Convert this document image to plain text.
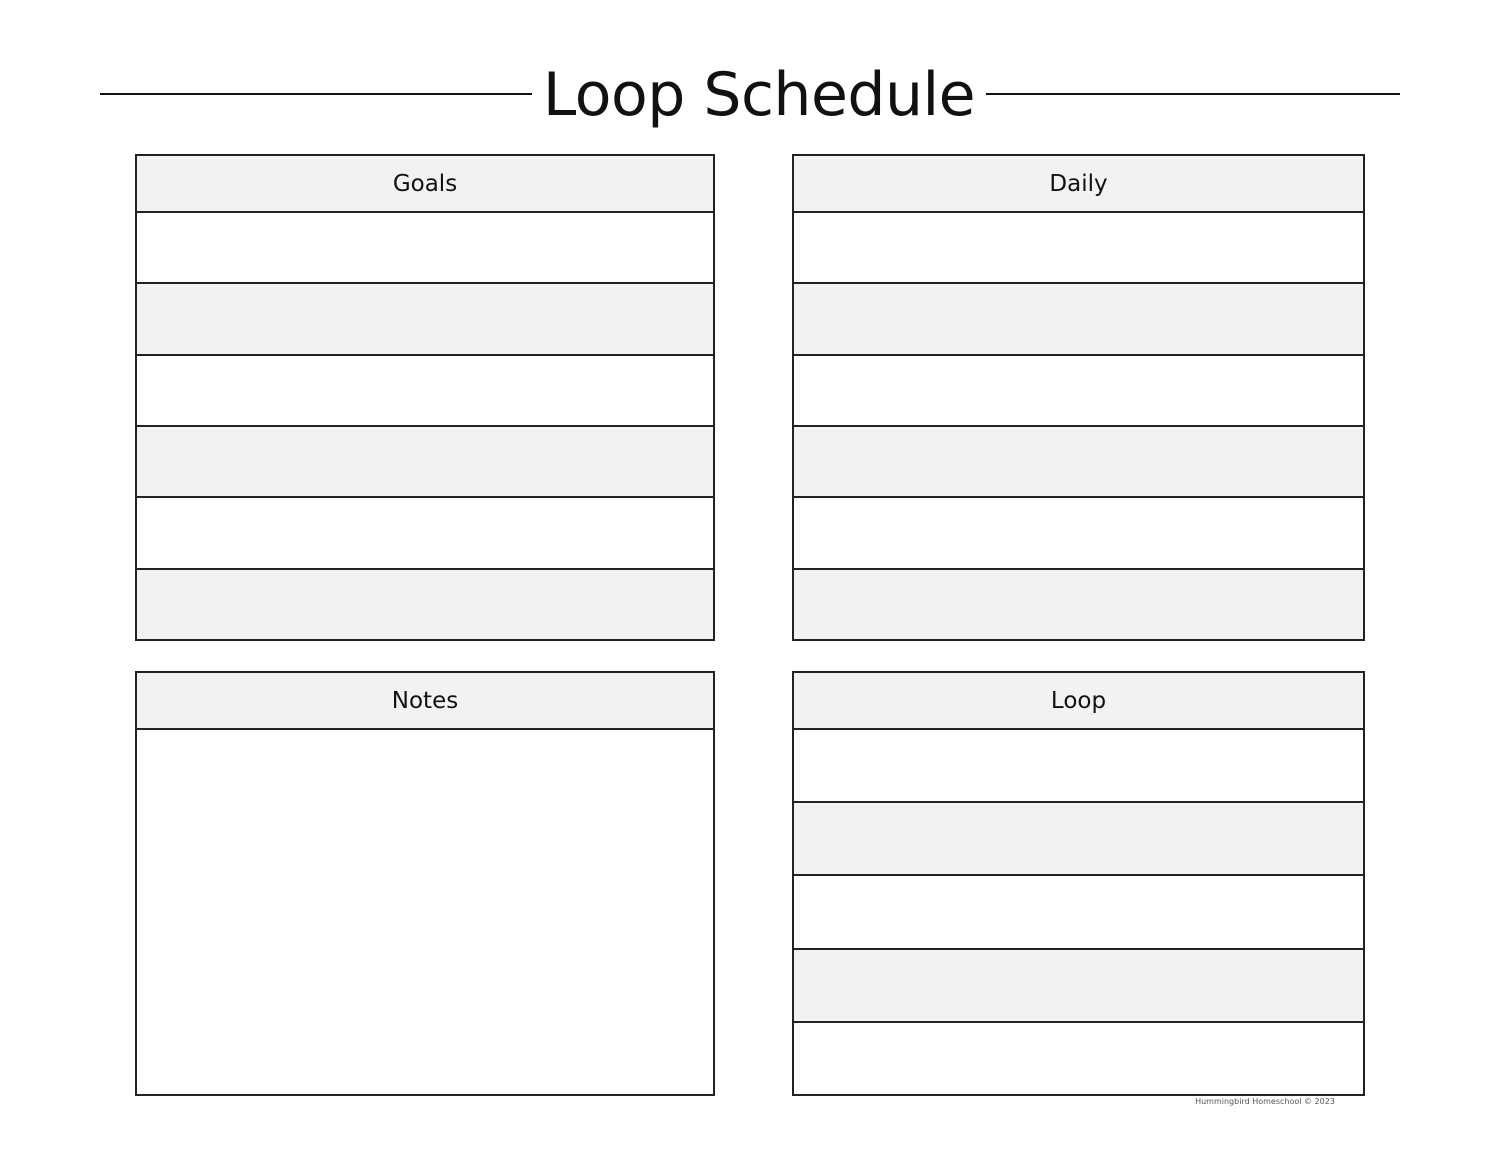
Loop Schedule
Goals	Daily
Notes	Loop
Hummingbird Homeschool © 2023
